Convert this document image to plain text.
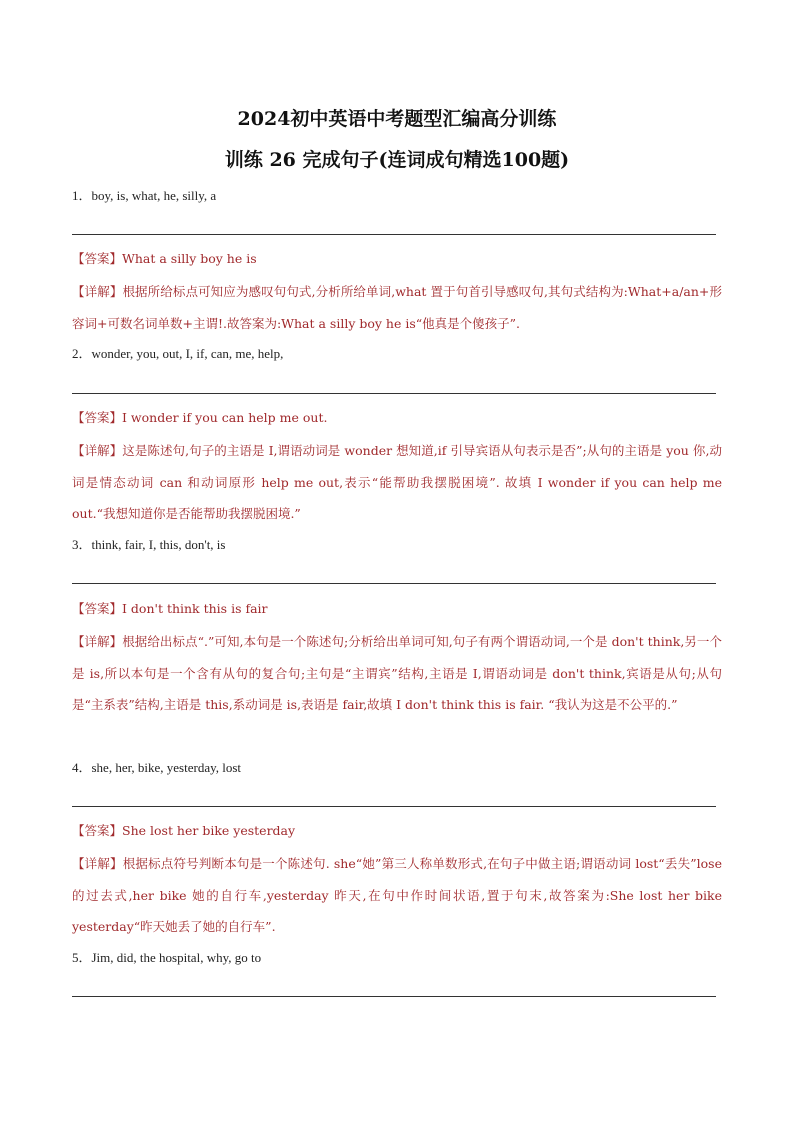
2024初中英语中考题型汇编高分训练
训练 26 完成句子(连词成句精选100题)
1．boy, is, what, he, silly, a
【答案】What a silly boy he is
【详解】根据所给标点可知应为感叹句句式,分析所给单词,what 置于句首引导感叹句,其句式结构为:What+a/an+形容词+可数名词单数+主谓!.故答案为:What a silly boy he is“他真是个傻孩子”.
2．wonder, you, out, I, if, can, me, help,
【答案】I wonder if you can help me out.
【详解】这是陈述句,句子的主语是 I,谓语动词是 wonder 想知道,if 引导宾语从句表示是否”;从句的主语是 you 你,动词是情态动词 can 和动词原形 help me out,表示“能帮助我摆脱困境”. 故填 I wonder if you can help me out.“我想知道你是否能帮助我摆脱困境.”
3．think, fair, I, this, don't, is
【答案】I don't think this is fair
【详解】根据给出标点“.”可知,本句是一个陈述句;分析给出单词可知,句子有两个谓语动词,一个是 don't think,另一个是 is,所以本句是一个含有从句的复合句;主句是“主谓宾”结构,主语是 I,谓语动词是 don't think,宾语是从句;从句是“主系表”结构,主语是 this,系动词是 is,表语是 fair,故填 I don't think this is fair. “我认为这是不公平的.”
4．she, her, bike, yesterday, lost
【答案】She lost her bike yesterday
【详解】根据标点符号判断本句是一个陈述句. she“她”第三人称单数形式,在句子中做主语;谓语动词 lost“丢失”lose 的过去式,her bike 她的自行车,yesterday 昨天,在句中作时间状语,置于句末,故答案为:She lost her bike yesterday“昨天她丢了她的自行车”.
5．Jim, did, the hospital, why, go to
